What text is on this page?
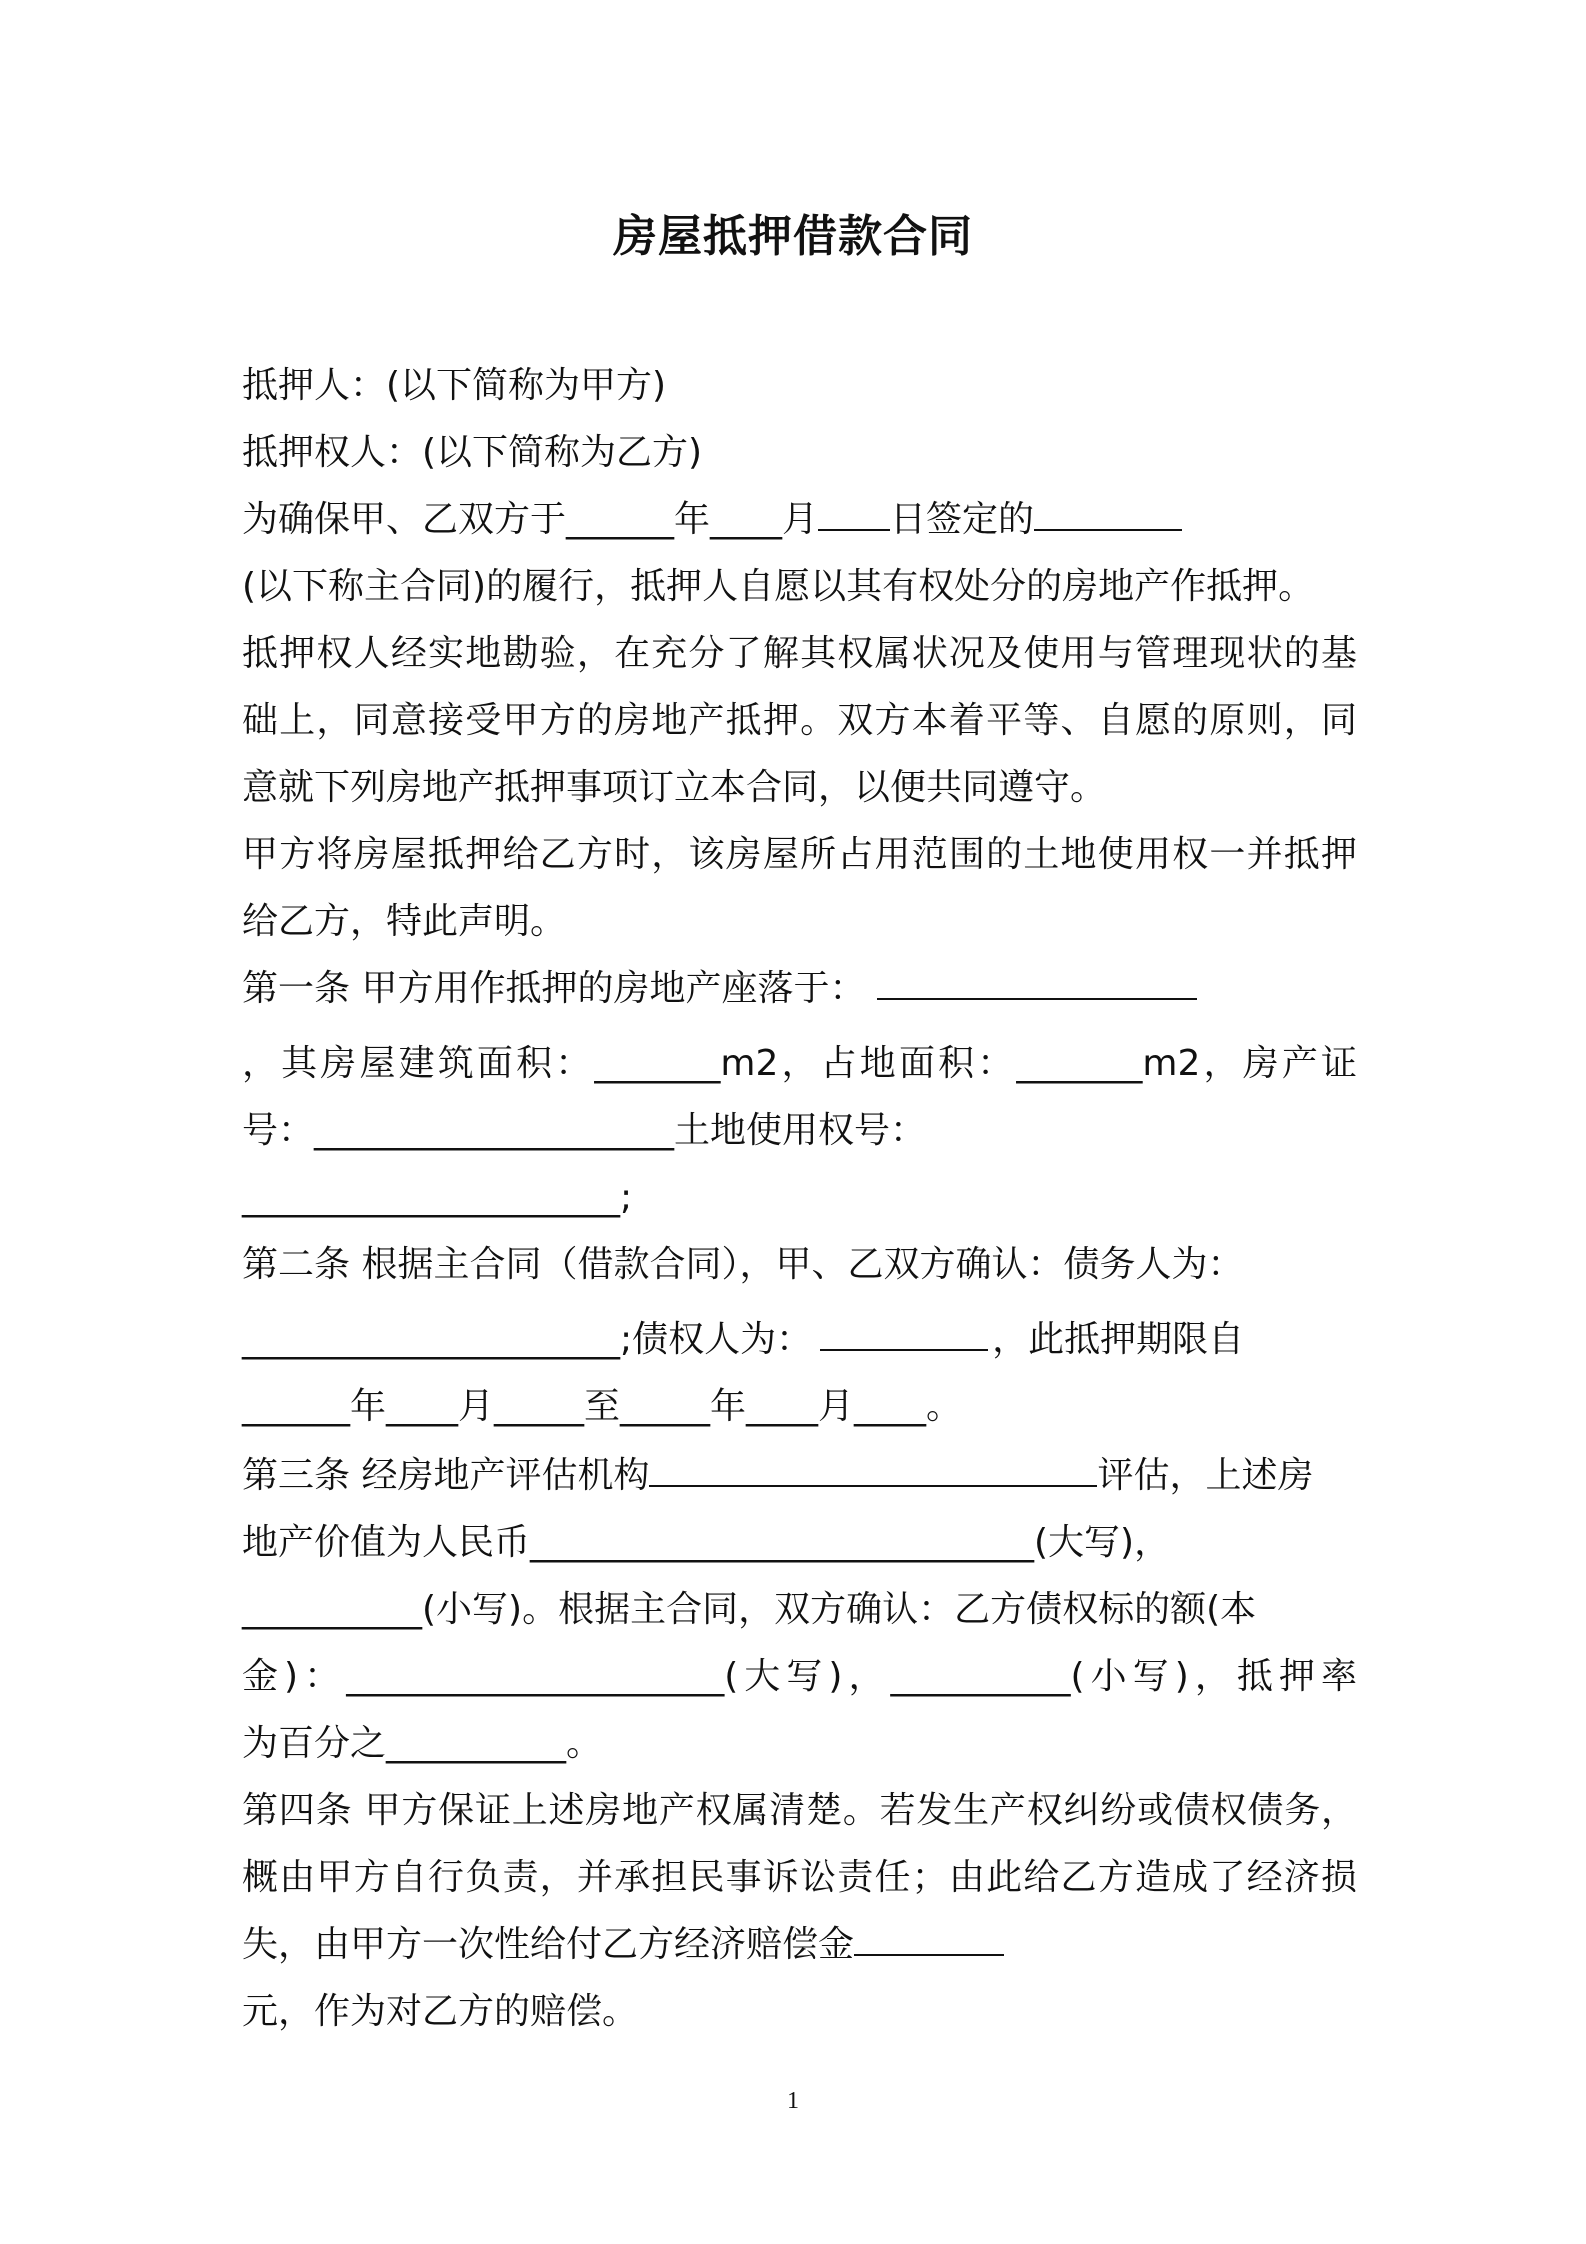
房屋抵押借款合同
抵押人：(以下简称为甲方)
抵押权人：(以下简称为乙方)
为确保甲、乙双方于______年____月 日签定的
(以下称主合同)的履行，抵押人自愿以其有权处分的房地产作抵押。
抵押权人经实地勘验，在充分了解其权属状况及使用与管理现状的基
础上，同意接受甲方的房地产抵押。双方本着平等、自愿的原则，同
意就下列房地产抵押事项订立本合同，以便共同遵守。
甲方将房屋抵押给乙方时，该房屋所占用范围的土地使用权一并抵押
给乙方，特此声明。
第一条 甲方用作抵押的房地产座落于：
，其房屋建筑面积：_______m2，占地面积：_______m2，房产证
号：____________________土地使用权号：
_____________________;
第二条 根据主合同（借款合同），甲、乙双方确认：债务人为：
_____________________;债权人为：	，此抵押期限自
______年____月_____至_____年____月____。
第三条 经房地产评估机构	评估，上述房
地产价值为人民币____________________________(大写)，
__________(小写)。根据主合同，双方确认：乙方债权标的额(本
金)：_____________________(大写)，__________(小写)，抵押率
为百分之__________。
第四条 甲方保证上述房地产权属清楚。若发生产权纠纷或债权债务，
概由甲方自行负责，并承担民事诉讼责任；由此给乙方造成了经济损
失，由甲方一次性给付乙方经济赔偿金
元，作为对乙方的赔偿。
1
